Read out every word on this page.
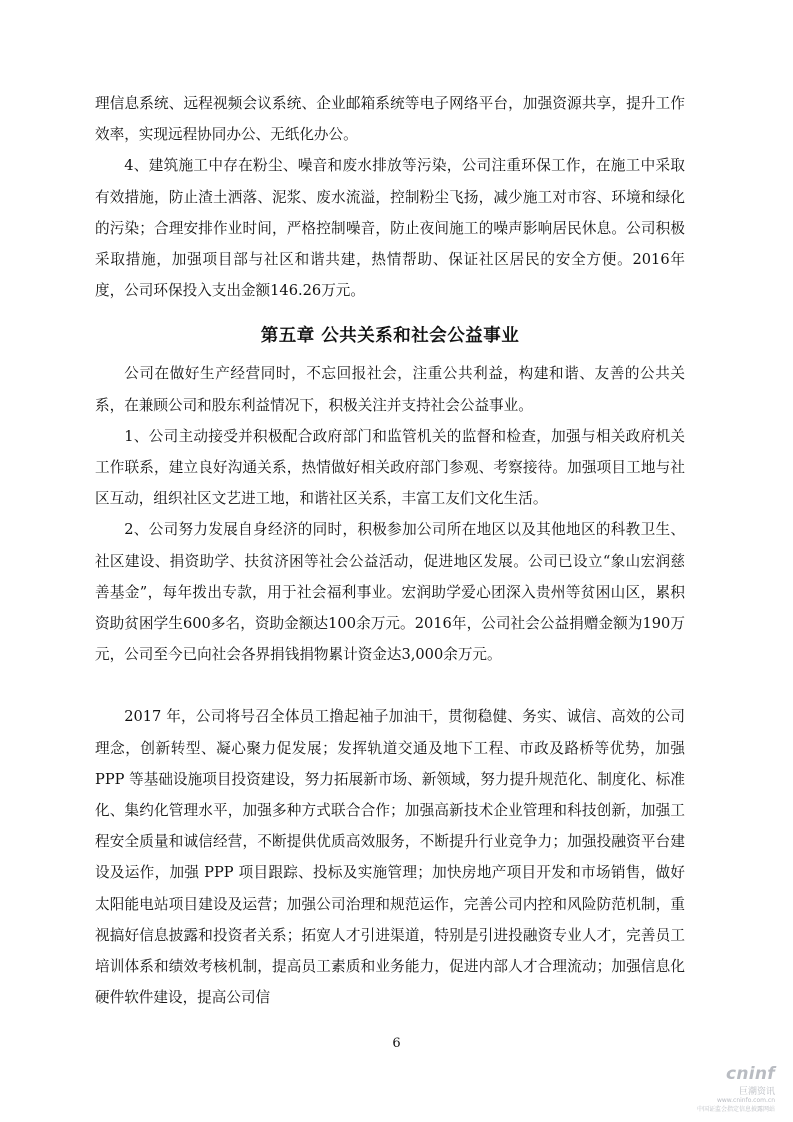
理信息系统、远程视频会议系统、企业邮箱系统等电子网络平台，加强资源共享，提升工作效率，实现远程协同办公、无纸化办公。

4、建筑施工中存在粉尘、噪音和废水排放等污染，公司注重环保工作，在施工中采取有效措施，防止渣土洒落、泥浆、废水流溢，控制粉尘飞扬，减少施工对市容、环境和绿化的污染；合理安排作业时间，严格控制噪音，防止夜间施工的噪声影响居民休息。公司积极采取措施，加强项目部与社区和谐共建，热情帮助、保证社区居民的安全方便。2016年度，公司环保投入支出金额146.26万元。

第五章 公共关系和社会公益事业

公司在做好生产经营同时，不忘回报社会，注重公共利益，构建和谐、友善的公共关系，在兼顾公司和股东利益情况下，积极关注并支持社会公益事业。

1、公司主动接受并积极配合政府部门和监管机关的监督和检查，加强与相关政府机关工作联系，建立良好沟通关系，热情做好相关政府部门参观、考察接待。加强项目工地与社区互动，组织社区文艺进工地，和谐社区关系，丰富工友们文化生活。

2、公司努力发展自身经济的同时，积极参加公司所在地区以及其他地区的科教卫生、社区建设、捐资助学、扶贫济困等社会公益活动，促进地区发展。公司已设立“象山宏润慈善基金”，每年拨出专款，用于社会福利事业。宏润助学爱心团深入贵州等贫困山区，累积资助贫困学生600多名，资助金额达100余万元。2016年，公司社会公益捐赠金额为190万元，公司至今已向社会各界捐钱捐物累计资金达3,000余万元。

2017 年，公司将号召全体员工撸起袖子加油干，贯彻稳健、务实、诚信、高效的公司理念，创新转型、凝心聚力促发展；发挥轨道交通及地下工程、市政及路桥等优势，加强 PPP 等基础设施项目投资建设，努力拓展新市场、新领域，努力提升规范化、制度化、标准化、集约化管理水平，加强多种方式联合合作；加强高新技术企业管理和科技创新，加强工程安全质量和诚信经营，不断提供优质高效服务，不断提升行业竞争力；加强投融资平台建设及运作，加强 PPP 项目跟踪、投标及实施管理；加快房地产项目开发和市场销售，做好太阳能电站项目建设及运营；加强公司治理和规范运作，完善公司内控和风险防范机制，重视搞好信息披露和投资者关系；拓宽人才引进渠道，特别是引进投融资专业人才，完善员工培训体系和绩效考核机制，提高员工素质和业务能力，促进内部人才合理流动；加强信息化硬件软件建设，提高公司信

6
cninf
巨潮资讯
www.cninfo.com.cn
中国证监会指定信息披露网站
